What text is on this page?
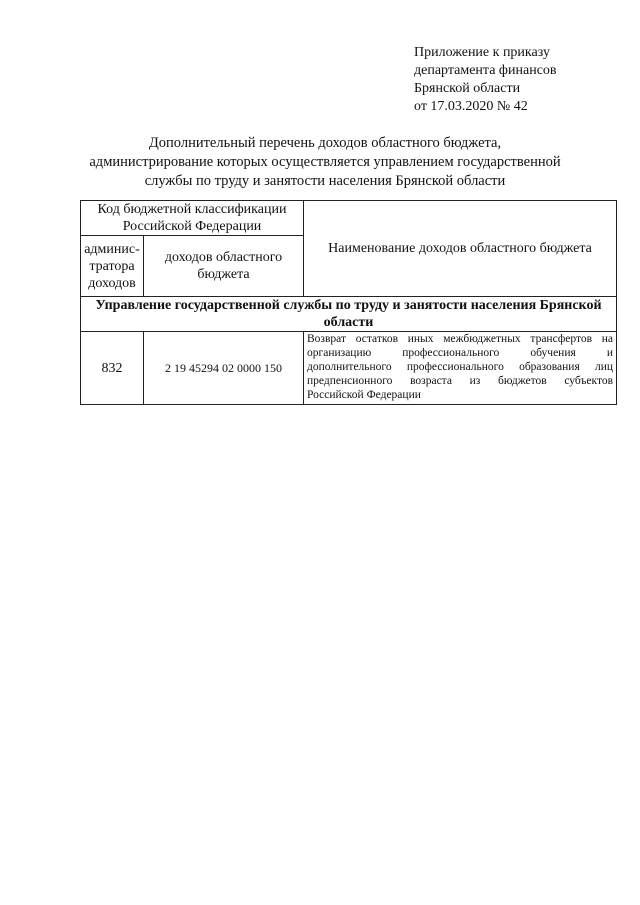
Приложение к приказу
департамента финансов
Брянской области
от 17.03.2020 № 42
Дополнительный перечень доходов областного бюджета,
администрирование которых осуществляется управлением государственной
службы по труду и занятости населения Брянской области
Код бюджетной классификации Российской Федерации		Наименование доходов областного бюджета
админис-тратора доходов	доходов областного бюджета	
Управление государственной службы по труду и занятости населения Брянской области		
832	2 19 45294 02 0000 150	Возврат остатков иных межбюджетных трансфертов на организацию профессионального обучения и дополнительного профессионального образования лиц предпенсионного возраста из бюджетов субъектов Российской Федерации
